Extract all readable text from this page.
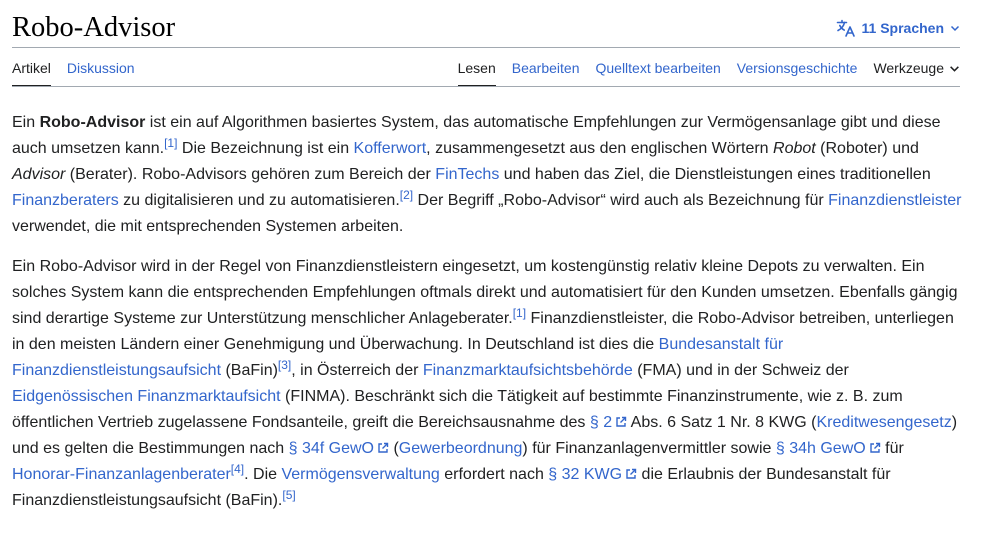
Robo-Advisor	11 Sprachen
Artikel Diskussion	Lesen Bearbeiten Quelltext bearbeiten Versionsgeschichte Werkzeuge

Ein Robo-Advisor ist ein auf Algorithmen basiertes System, das automatische Empfehlungen zur Vermögensanlage gibt und diese auch umsetzen kann.[1] Die Bezeichnung ist ein Kofferwort, zusammengesetzt aus den englischen Wörtern Robot (Roboter) und Advisor (Berater). Robo-Advisors gehören zum Bereich der FinTechs und haben das Ziel, die Dienstleistungen eines traditionellen Finanzberaters zu digitalisieren und zu automatisieren.[2] Der Begriff „Robo-Advisor“ wird auch als Bezeichnung für Finanzdienstleister verwendet, die mit entsprechenden Systemen arbeiten.

Ein Robo-Advisor wird in der Regel von Finanzdienstleistern eingesetzt, um kostengünstig relativ kleine Depots zu verwalten. Ein solches System kann die entsprechenden Empfehlungen oftmals direkt und automatisiert für den Kunden umsetzen. Ebenfalls gängig sind derartige Systeme zur Unterstützung menschlicher Anlageberater.[1] Finanzdienstleister, die Robo-Advisor betreiben, unterliegen in den meisten Ländern einer Genehmigung und Überwachung. In Deutschland ist dies die Bundesanstalt für Finanzdienstleistungsaufsicht (BaFin)[3], in Österreich der Finanzmarktaufsichtsbehörde (FMA) und in der Schweiz der Eidgenössischen Finanzmarktaufsicht (FINMA). Beschränkt sich die Tätigkeit auf bestimmte Finanzinstrumente, wie z. B. zum öffentlichen Vertrieb zugelassene Fondsanteile, greift die Bereichsausnahme des § 2 Abs. 6 Satz 1 Nr. 8 KWG (Kreditwesengesetz) und es gelten die Bestimmungen nach § 34f GewO (Gewerbeordnung) für Finanzanlagenvermittler sowie § 34h GewO für Honorar-Finanzanlagenberater[4]. Die Vermögensverwaltung erfordert nach § 32 KWG die Erlaubnis der Bundesanstalt für Finanzdienstleistungsaufsicht (BaFin).[5]
